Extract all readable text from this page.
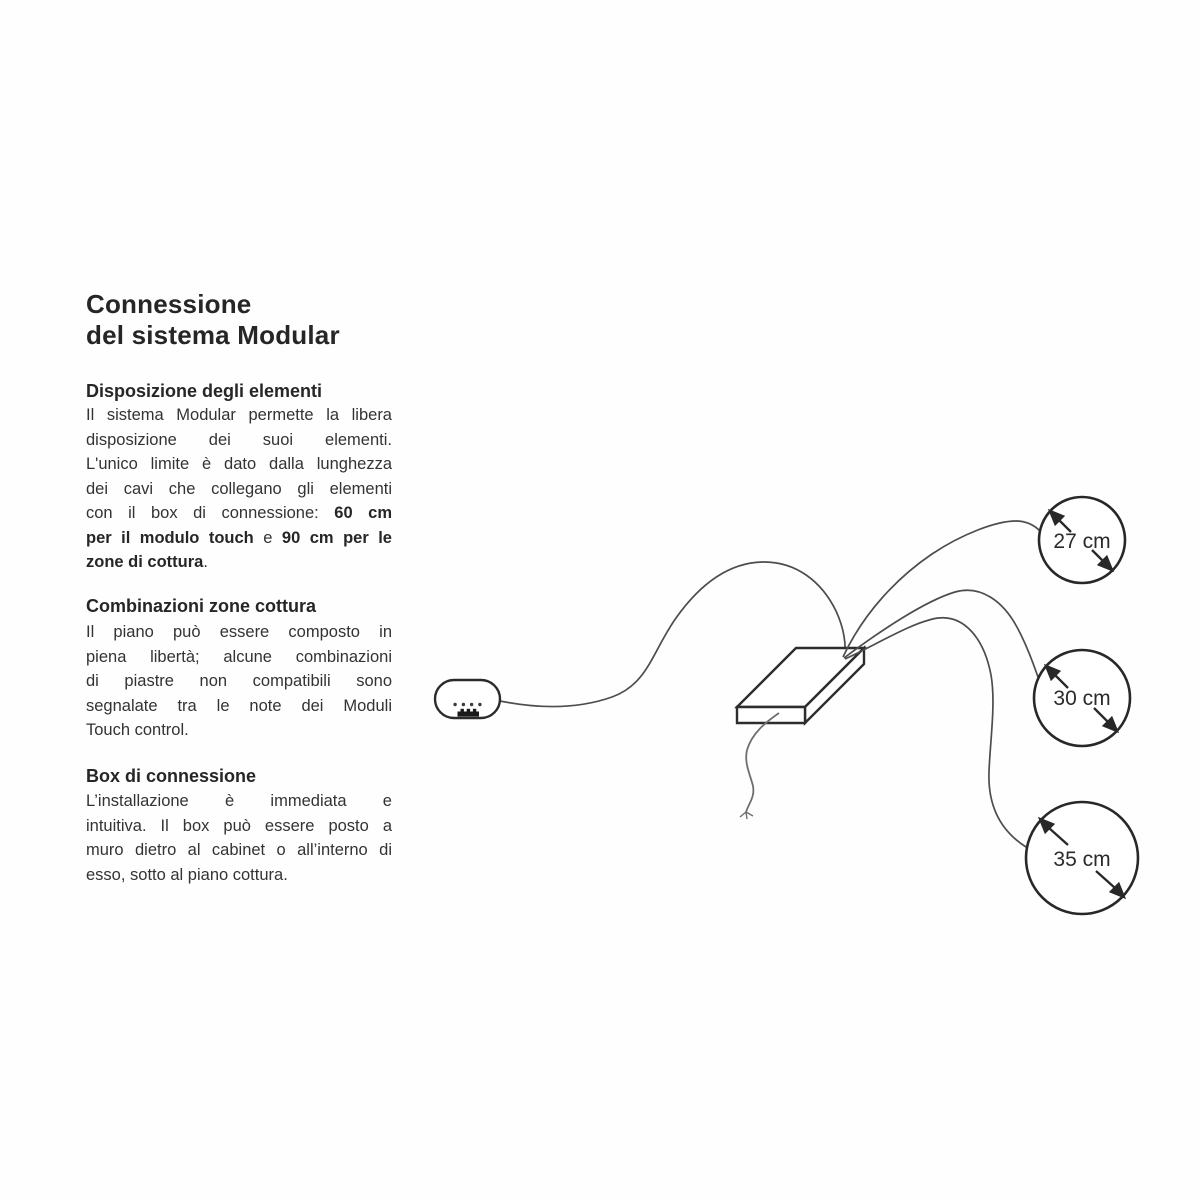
Connessione
del sistema Modular
Disposizione degli elementi
Combinazioni zone cottura
Box di connessione
Il sistema Modular permette la libera
disposizione dei suoi elementi.
L'unico limite è dato dalla lunghezza
dei cavi che collegano gli elementi
con il box di connessione: 60 cm
per il modulo touch e 90 cm per le
zone di cottura.
Il piano può essere composto in
piena libertà; alcune combinazioni
di piastre non compatibili sono
segnalate tra le note dei Moduli
Touch control.
L’installazione è immediata e
intuitiva. Il box può essere posto a
muro dietro al cabinet o all’interno di
esso, sotto al piano cottura.
27 cm
30 cm
35 cm
